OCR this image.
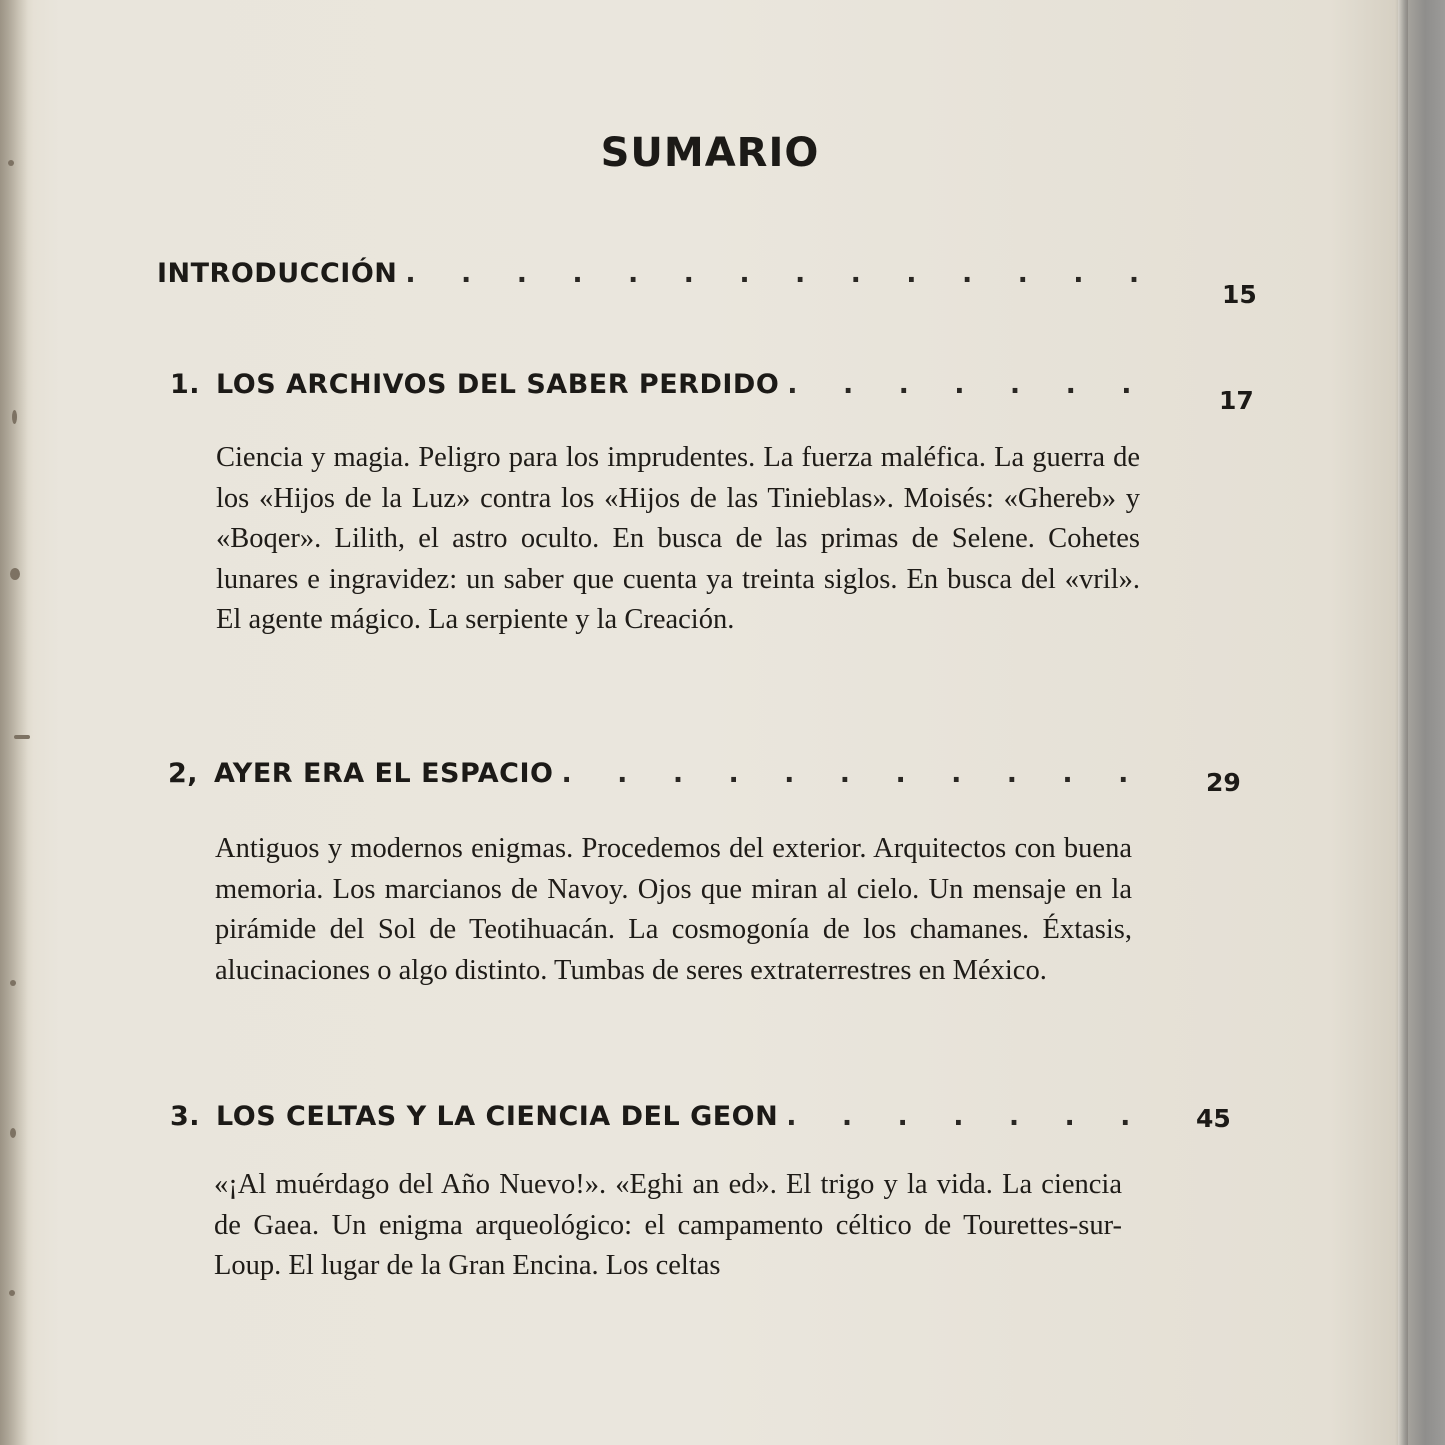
SUMARIO
INTRODUCCIÓN
. . .
15
1. LOS ARCHIVOS DEL SABER PERDIDO
. . .
17

Ciencia y magia. Peligro para los imprudentes. La fuerza maléfica. La guerra de los «Hijos de la Luz» contra los «Hijos de las Tinieblas». Moisés: «Ghereb» y «Boqer». Lilith, el astro oculto. En busca de las primas de Selene. Cohetes lunares e ingravidez: un saber que cuenta ya treinta siglos. En busca del «vril». El agente mágico. La serpiente y la Creación.

2, AYER ERA EL ESPACIO . . .	29

Antiguos y modernos enigmas. Procedemos del exterior. Arquitectos con buena memoria. Los marcianos de Navoy. Ojos que miran al cielo. Un mensaje en la pirámide del Sol de Teotihuacán. La cosmogonía de los chamanes. Éxtasis, alucinaciones o algo distinto. Tumbas de seres extraterrestres en México.

3. LOS CELTAS Y LA CIENCIA DEL GEON . . .	45

«¡Al muérdago del Año Nuevo!». «Eghi an ed». El trigo y la vida. La ciencia de Gaea. Un enigma arqueológico: el campamento céltico de Tourettes-sur-Loup. El lugar de la Gran Encina. Los celtas
